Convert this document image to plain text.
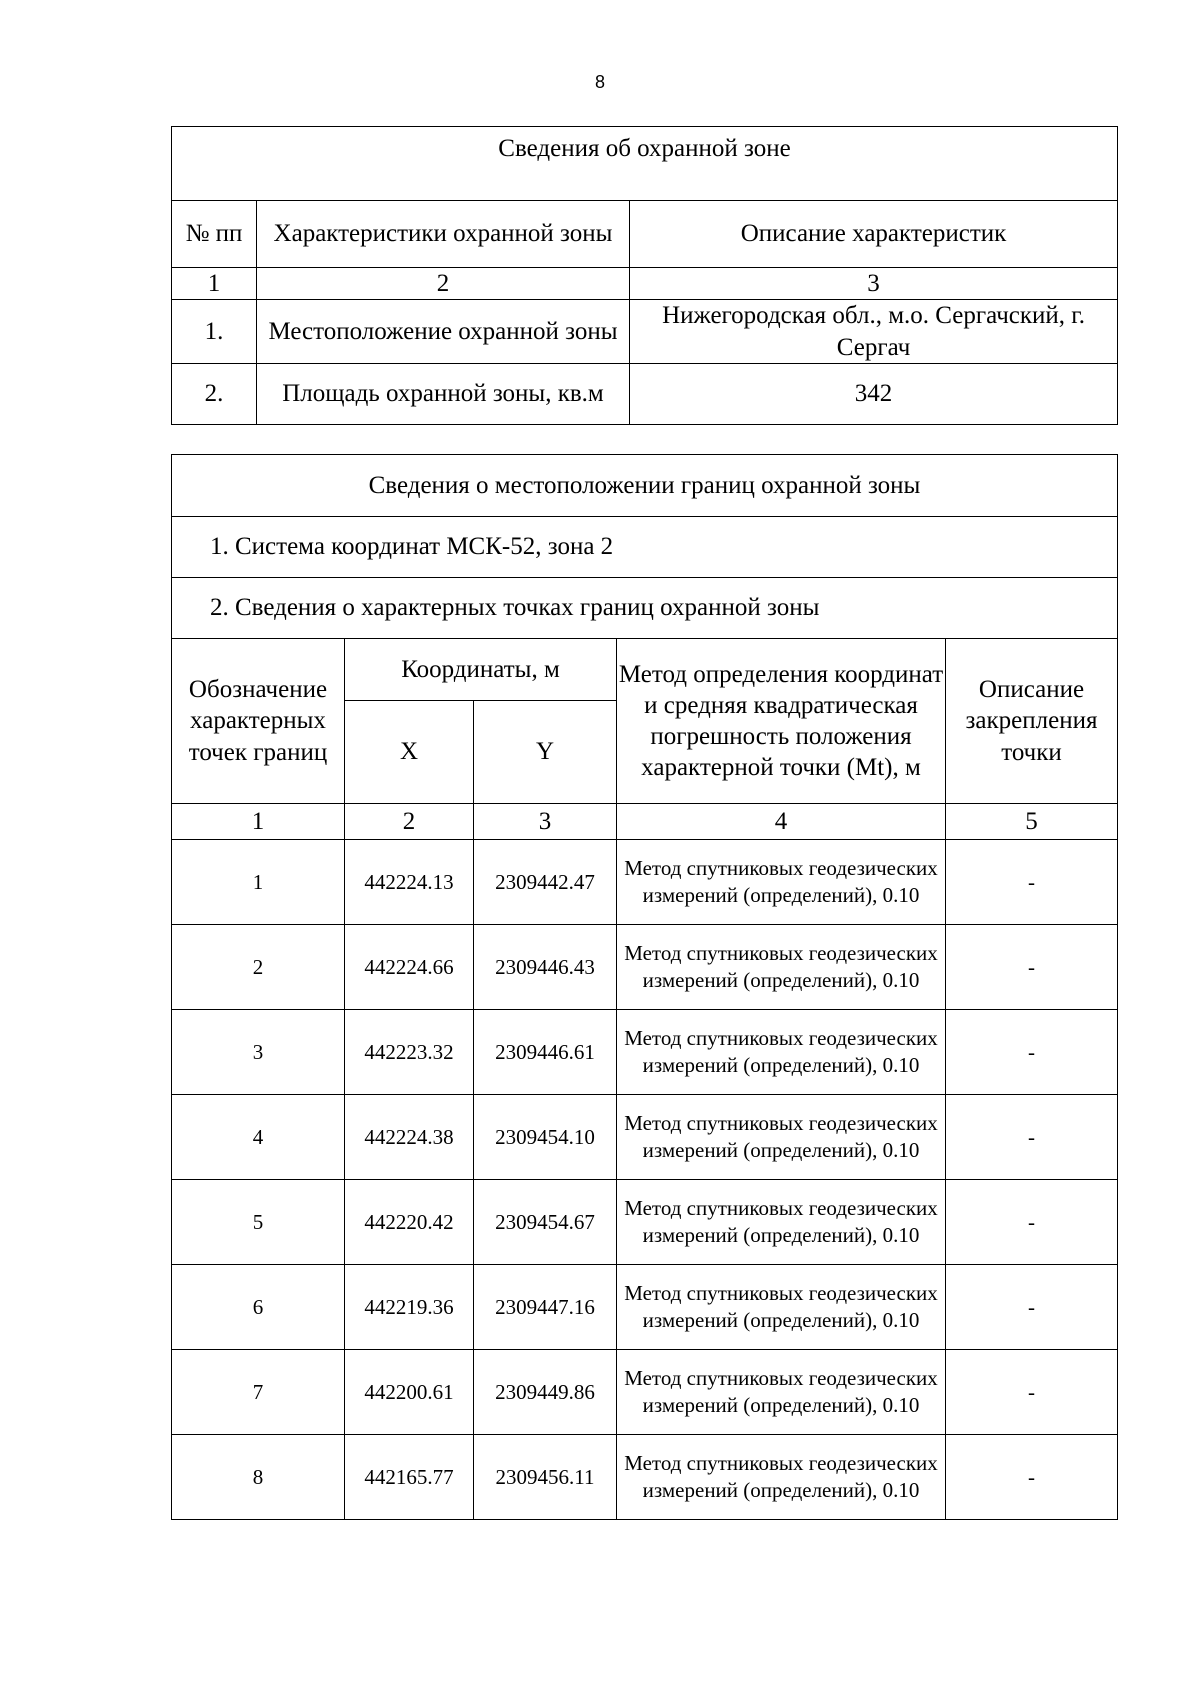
8
Сведения об охранной зоне		
№ пп	Характеристики охранной зоны	Описание характеристик
1	2	3
1.	Местоположение охранной зоны	Нижегородская обл., м.о. Сергачский, г. Сергач
2.	Площадь охранной зоны, кв.м	342
Сведения о местоположении границ охранной зоны				
1. Система координат МСК-52, зона 2				
2. Сведения о характерных точках границ охранной зоны				
Обозначение характерных точек границ	Координаты, м		Метод определения координат и средняя квадратическая погрешность положения характерной точки (Mt), м	Описание закрепления точки
	X	Y		
1	2	3	4	5
1	442224.13	2309442.47	Метод спутниковых геодезических измерений (определений), 0.10	-
2	442224.66	2309446.43	Метод спутниковых геодезических измерений (определений), 0.10	-
3	442223.32	2309446.61	Метод спутниковых геодезических измерений (определений), 0.10	-
4	442224.38	2309454.10	Метод спутниковых геодезических измерений (определений), 0.10	-
5	442220.42	2309454.67	Метод спутниковых геодезических измерений (определений), 0.10	-
6	442219.36	2309447.16	Метод спутниковых геодезических измерений (определений), 0.10	-
7	442200.61	2309449.86	Метод спутниковых геодезических измерений (определений), 0.10	-
8	442165.77	2309456.11	Метод спутниковых геодезических измерений (определений), 0.10	-
